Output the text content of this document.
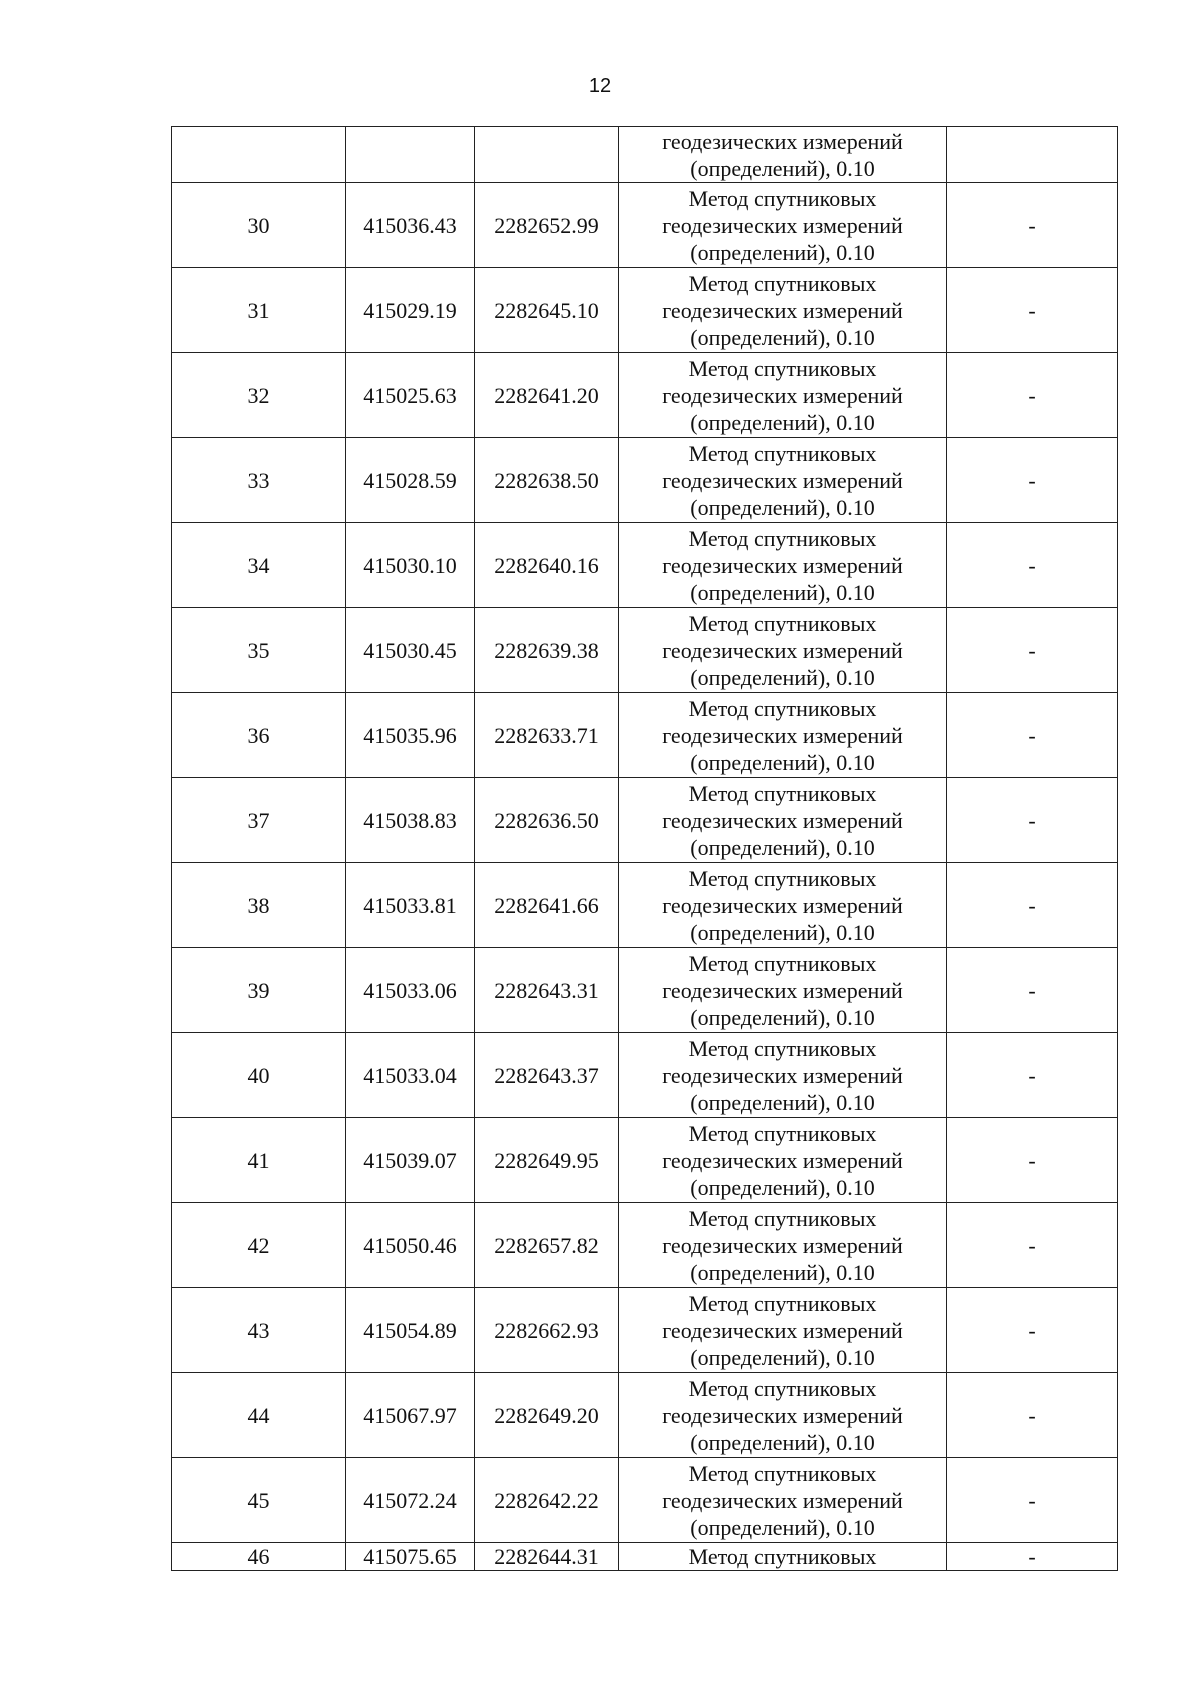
12

			геодезических измерений
(определений), 0.10	

30	415036.43	2282652.99	Метод спутниковых
геодезических измерений
(определений), 0.10	-
31	415029.19	2282645.10	Метод спутниковых
геодезических измерений
(определений), 0.10	-
32	415025.63	2282641.20	Метод спутниковых
геодезических измерений
(определений), 0.10	-
33	415028.59	2282638.50	Метод спутниковых
геодезических измерений
(определений), 0.10	-
34	415030.10	2282640.16	Метод спутниковых
геодезических измерений
(определений), 0.10	-
35	415030.45	2282639.38	Метод спутниковых
геодезических измерений
(определений), 0.10	-
36	415035.96	2282633.71	Метод спутниковых
геодезических измерений
(определений), 0.10	-
37	415038.83	2282636.50	Метод спутниковых
геодезических измерений
(определений), 0.10	-
38	415033.81	2282641.66	Метод спутниковых
геодезических измерений
(определений), 0.10	-
39	415033.06	2282643.31	Метод спутниковых
геодезических измерений
(определений), 0.10	-
40	415033.04	2282643.37	Метод спутниковых
геодезических измерений
(определений), 0.10	-
41	415039.07	2282649.95	Метод спутниковых
геодезических измерений
(определений), 0.10	-
42	415050.46	2282657.82	Метод спутниковых
геодезических измерений
(определений), 0.10	-
43	415054.89	2282662.93	Метод спутниковых
геодезических измерений
(определений), 0.10	-
44	415067.97	2282649.20	Метод спутниковых
геодезических измерений
(определений), 0.10	-
45	415072.24	2282642.22	Метод спутниковых
геодезических измерений
(определений), 0.10	-
46	415075.65	2282644.31	Метод спутниковых	-
